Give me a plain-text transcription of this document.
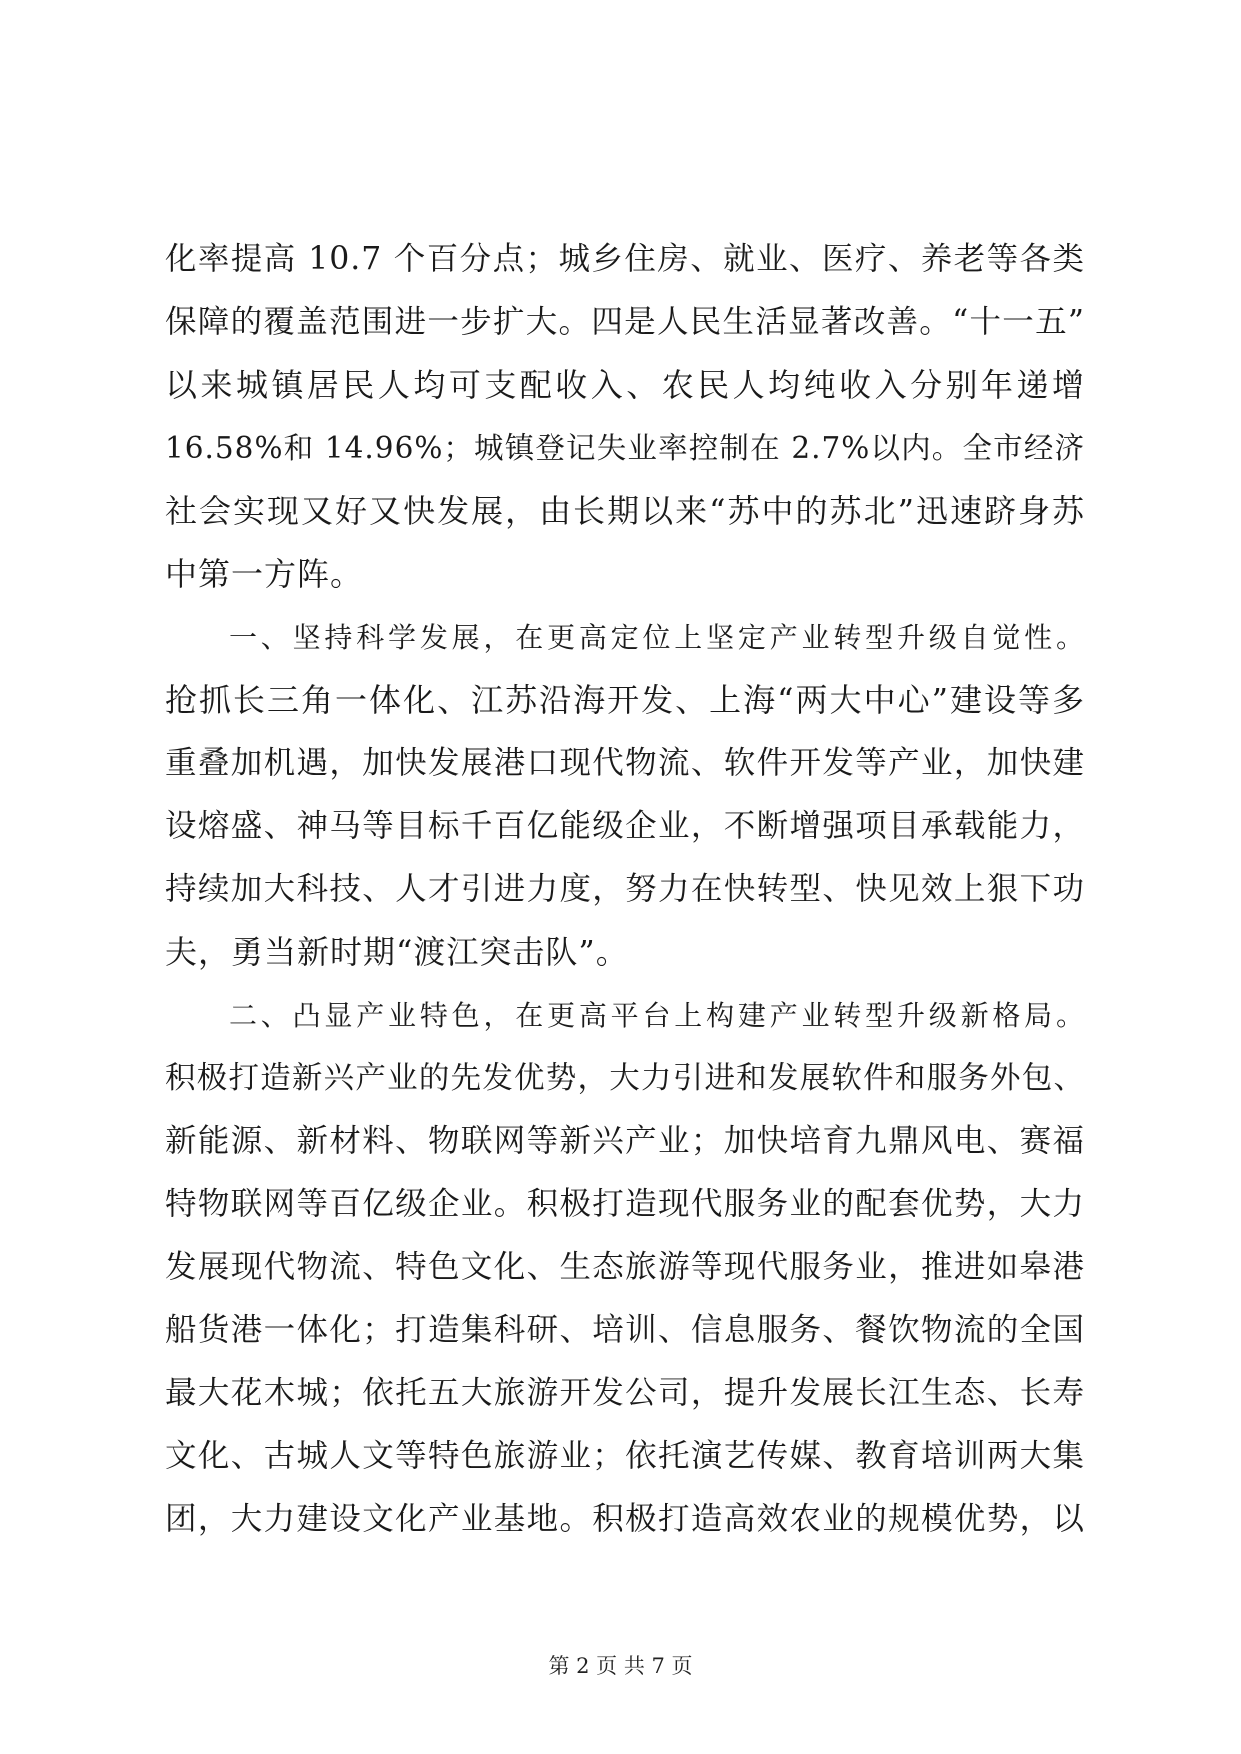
化率提高 10.7 个百分点；城乡住房、就业、医疗、养老等各类
保障的覆盖范围进一步扩大。四是人民生活显著改善。“十一五”
以来城镇居民人均可支配收入、农民人均纯收入分别年递增
16.58%和 14.96%；城镇登记失业率控制在 2.7%以内。全市经济
社会实现又好又快发展，由长期以来“苏中的苏北”迅速跻身苏
中第一方阵。
一、坚持科学发展，在更高定位上坚定产业转型升级自觉性。
抢抓长三角一体化、江苏沿海开发、上海“两大中心”建设等多
重叠加机遇，加快发展港口现代物流、软件开发等产业，加快建
设熔盛、神马等目标千百亿能级企业，不断增强项目承载能力，
持续加大科技、人才引进力度，努力在快转型、快见效上狠下功
夫，勇当新时期“渡江突击队”。
二、凸显产业特色，在更高平台上构建产业转型升级新格局。
积极打造新兴产业的先发优势，大力引进和发展软件和服务外包、
新能源、新材料、物联网等新兴产业；加快培育九鼎风电、赛福
特物联网等百亿级企业。积极打造现代服务业的配套优势，大力
发展现代物流、特色文化、生态旅游等现代服务业，推进如皋港
船货港一体化；打造集科研、培训、信息服务、餐饮物流的全国
最大花木城；依托五大旅游开发公司，提升发展长江生态、长寿
文化、古城人文等特色旅游业；依托演艺传媒、教育培训两大集
团，大力建设文化产业基地。积极打造高效农业的规模优势，以
第 2 页 共 7 页
